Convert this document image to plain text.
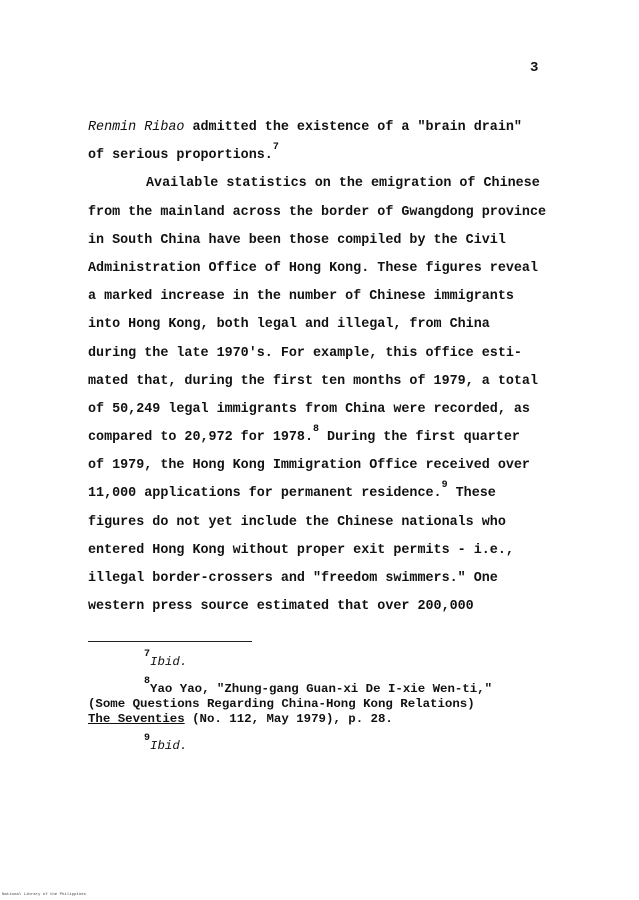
3
Renmin Ribao admitted the existence of a "brain drain"
of serious proportions.$^7$
Available statistics on the emigration of Chinese
from the mainland across the border of Gwangdong province
in South China have been those compiled by the Civil
Administration Office of Hong Kong. These figures reveal
a marked increase in the number of Chinese immigrants
into Hong Kong, both legal and illegal, from China
during the late 1970's. For example, this office esti-
mated that, during the first ten months of 1979, a total
of 50,249 legal immigrants from China were recorded, as
compared to 20,972 for 1978.$^8$ During the first quarter
of 1979, the Hong Kong Immigration Office received over
11,000 applications for permanent residence.$^9$ These
figures do not yet include the Chinese nationals who
entered Hong Kong without proper exit permits - i.e.,
illegal border-crossers and "freedom swimmers." One
western press source estimated that over 200,000
$^7$Ibid.
$^8$Yao Yao, "Zhung-gang Guan-xi De I-xie Wen-ti,"
(Some Questions Regarding China-Hong Kong Relations)
The Seventies (No. 112, May 1979), p. 28.
$^9$Ibid.
National Library of the Philippines
